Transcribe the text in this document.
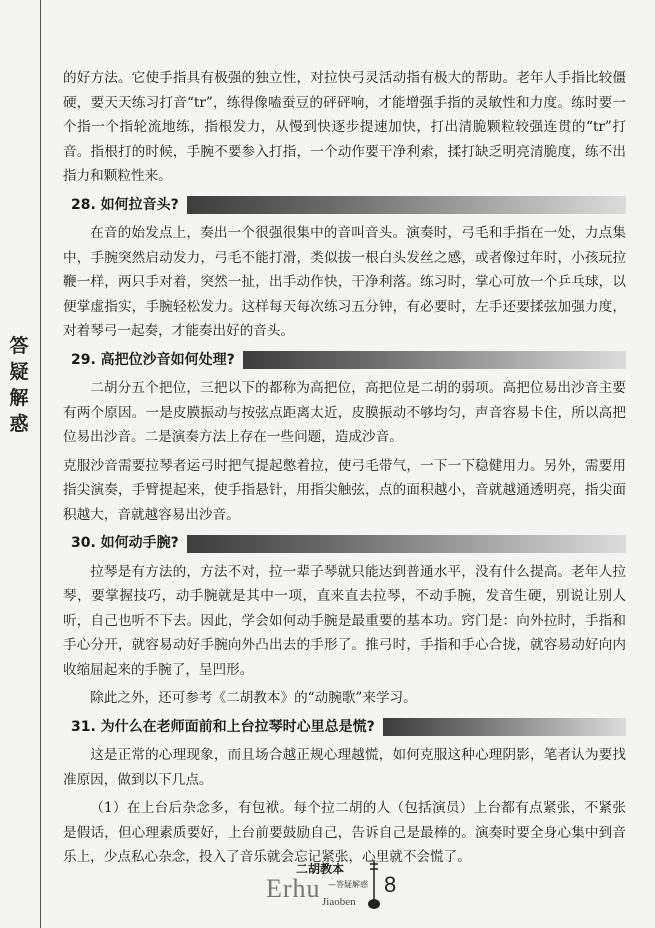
答
疑
解
惑

的好方法。它使手指具有极强的独立性，对拉快弓灵活动指有极大的帮助。老年人手指比较僵硬，要天天练习打音“tr”，练得像嗑蚕豆的砰砰响，才能增强手指的灵敏性和力度。练时要一个指一个指轮流地练，指根发力，从慢到快逐步提速加快，打出清脆颗粒较强连贯的“tr”打音。指根打的时候，手腕不要参入打指，一个动作要干净利索，揉打缺乏明亮清脆度，练不出指力和颗粒性来。

28. 如何拉音头?

在音的始发点上，奏出一个很强很集中的音叫音头。演奏时，弓毛和手指在一处，力点集中，手腕突然启动发力，弓毛不能打滑，类似拔一根白头发丝之感，或者像过年时，小孩玩拉鞭一样，两只手对着，突然一扯，出手动作快，干净利落。练习时，掌心可放一个乒乓球，以便掌虚指实，手腕轻松发力。这样每天每次练习五分钟，有必要时，左手还要揉弦加强力度，对着琴弓一起奏，才能奏出好的音头。

29. 高把位沙音如何处理?

二胡分五个把位，三把以下的都称为高把位，高把位是二胡的弱项。高把位易出沙音主要有两个原因。一是皮膜振动与按弦点距离太近，皮膜振动不够均匀，声音容易卡住，所以高把位易出沙音。二是演奏方法上存在一些问题，造成沙音。

克服沙音需要拉琴者运弓时把气提起憋着拉，使弓毛带气，一下一下稳健用力。另外，需要用指尖演奏，手臂提起来，使手指悬针，用指尖触弦，点的面积越小，音就越通透明亮，指尖面积越大，音就越容易出沙音。

30. 如何动手腕?

拉琴是有方法的，方法不对，拉一辈子琴就只能达到普通水平，没有什么提高。老年人拉琴，要掌握技巧，动手腕就是其中一项，直来直去拉琴，不动手腕，发音生硬，别说让别人听，自己也听不下去。因此，学会如何动手腕是最重要的基本功。窍门是：向外拉时，手指和手心分开，就容易动好手腕向外凸出去的手形了。推弓时，手指和手心合拢，就容易动好向内收缩屈起来的手腕了，呈凹形。

除此之外，还可参考《二胡教本》的“动腕歌”来学习。

31. 为什么在老师面前和上台拉琴时心里总是慌?

这是正常的心理现象，而且场合越正规心理越慌，如何克服这种心理阴影，笔者认为要找准原因，做到以下几点。

（1）在上台后杂念多，有包袱。每个拉二胡的人（包括演员）上台都有点紧张，不紧张是假话，但心理素质要好，上台前要鼓励自己，告诉自己是最棒的。演奏时要全身心集中到音乐上，少点私心杂念，投入了音乐就会忘记紧张，心里就不会慌了。

二胡教本
Erhu —答疑解惑
Jiaoben
8
